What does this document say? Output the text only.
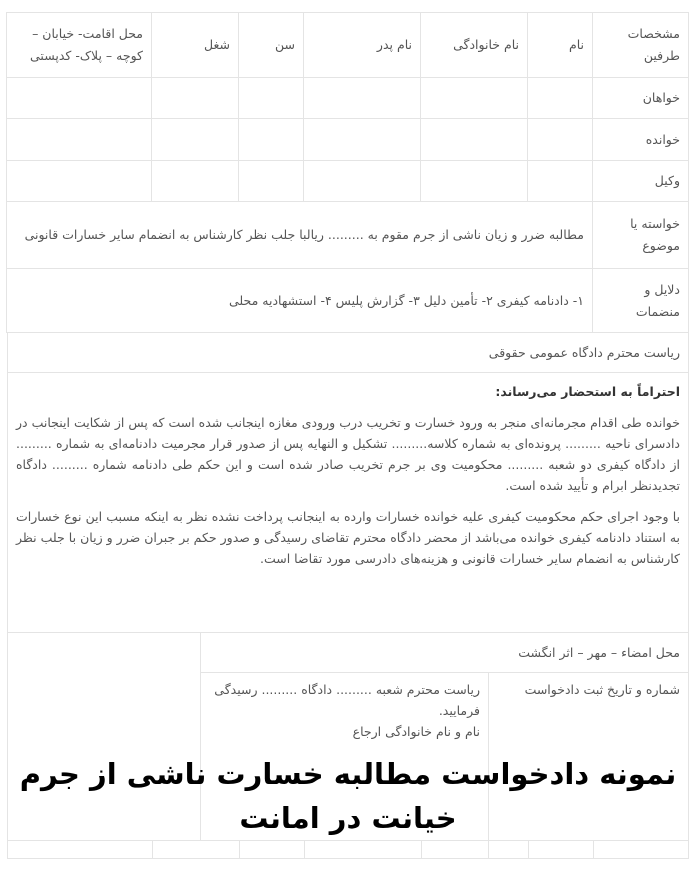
مشخصات طرفین	نام	نام خانوادگی	نام پدر	سن	شغل	محل اقامت- خیابان – کوچه – پلاک- کدپستی
خواهان						
خوانده						
وکیل						
خواسته یا موضوع	مطالبه ضرر و زیان ناشی از جرم مقوم به ......... ریالبا جلب نظر کارشناس به انضمام سایر خسارات قانونی					
دلایل و منضمات	۱- دادنامه کیفری ۲- تأمین دلیل ۳- گزارش پلیس ۴- استشهادیه محلی					
ریاست محترم دادگاه عمومی حقوقی

احتراماً به استحضار می‌رساند:

خوانده طی اقدام مجرمانه‌ای منجر به ورود خسارت و تخریب درب ورودی مغازه اینجانب شده است که پس از شکایت اینجانب در دادسرای ناحیه ......... پرونده‌ای به شماره کلاسه......... تشکیل و النهایه پس از صدور قرار مجرمیت دادنامه‌ای به شماره ......... از دادگاه کیفری دو شعبه ......... محکومیت وی بر جرم تخریب صادر شده است و این حکم طی دادنامه شماره ......... دادگاه تجدیدنظر ابرام و تأیید شده است.

با وجود اجرای حکم محکومیت کیفری علیه خوانده خسارات وارده به اینجانب پرداخت نشده نظر به اینکه مسبب این نوع خسارات به استناد دادنامه کیفری خوانده می‌باشد از محضر دادگاه محترم تقاضای رسیدگی و صدور حکم بر جبران ضرر و زیان با جلب نظر کارشناس به انضمام سایر خسارات قانونی و هزینه‌های دادرسی مورد تقاضا است.

محل امضاء – مهر – اثر انگشت
ریاست محترم شعبه ......... دادگاه ......... رسیدگی فرمایید.
نام و نام خانوادگی ارجاع
شماره و تاریخ ثبت دادخواست
نمونه دادخواست مطالبه خسارت ناشی از جرم خیانت در امانت
